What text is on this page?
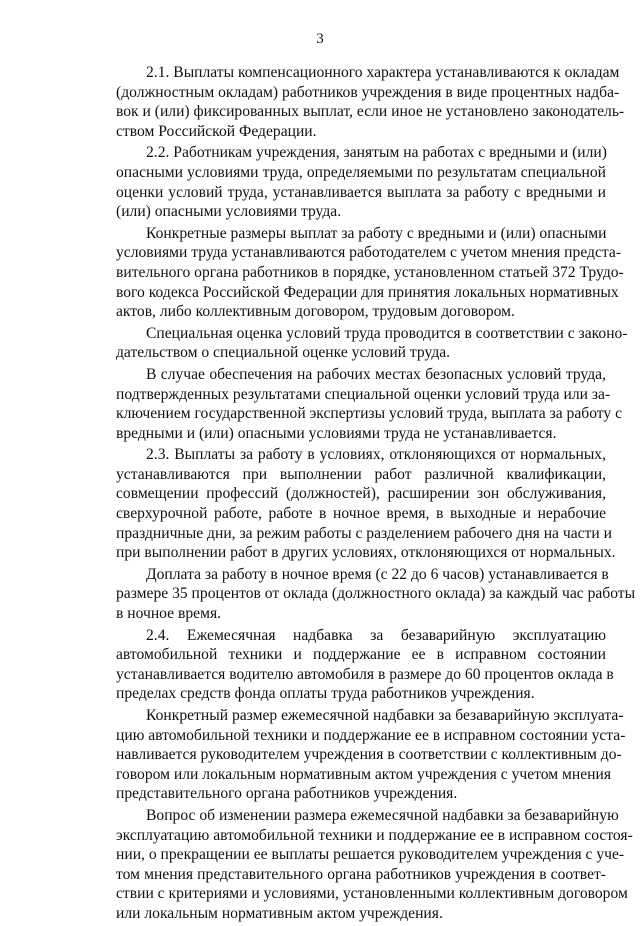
3

2.1. Выплаты компенсационного характера устанавливаются к окладам
(должностным окладам) работников учреждения в виде процентных надба-
вок и (или) фиксированных выплат, если иное не установлено законодатель-
ством Российской Федерации.

2.2. Работникам учреждения, занятым на работах с вредными и (или)
опасными условиями труда, определяемыми по результатам специальной
оценки условий труда, устанавливается выплата за работу с вредными и
(или) опасными условиями труда.

Конкретные размеры выплат за работу с вредными и (или) опасными
условиями труда устанавливаются работодателем с учетом мнения предста-
вительного органа работников в порядке, установленном статьей 372 Трудо-
вого кодекса Российской Федерации для принятия локальных нормативных
актов, либо коллективным договором, трудовым договором.

Специальная оценка условий труда проводится в соответствии с законо-
дательством о специальной оценке условий труда.

В случае обеспечения на рабочих местах безопасных условий труда,
подтвержденных результатами специальной оценки условий труда или за-
ключением государственной экспертизы условий труда, выплата за работу с
вредными и (или) опасными условиями труда не устанавливается.

2.3. Выплаты за работу в условиях, отклоняющихся от нормальных,
устанавливаются при выполнении работ различной квалификации,
совмещении профессий (должностей), расширении зон обслуживания,
сверхурочной работе, работе в ночное время, в выходные и нерабочие
праздничные дни, за режим работы с разделением рабочего дня на части и
при выполнении работ в других условиях, отклоняющихся от нормальных.

Доплата за работу в ночное время (с 22 до 6 часов) устанавливается в
размере 35 процентов от оклада (должностного оклада) за каждый час работы
в ночное время.

2.4. Ежемесячная надбавка за безаварийную эксплуатацию
автомобильной техники и поддержание ее в исправном состоянии
устанавливается водителю автомобиля в размере до 60 процентов оклада в
пределах средств фонда оплаты труда работников учреждения.

Конкретный размер ежемесячной надбавки за безаварийную эксплуата-
цию автомобильной техники и поддержание ее в исправном состоянии уста-
навливается руководителем учреждения в соответствии с коллективным до-
говором или локальным нормативным актом учреждения с учетом мнения
представительного органа работников учреждения.

Вопрос об изменении размера ежемесячной надбавки за безаварийную
эксплуатацию автомобильной техники и поддержание ее в исправном состоя-
нии, о прекращении ее выплаты решается руководителем учреждения с уче-
том мнения представительного органа работников учреждения в соответ-
ствии с критериями и условиями, установленными коллективным договором
или локальным нормативным актом учреждения.
